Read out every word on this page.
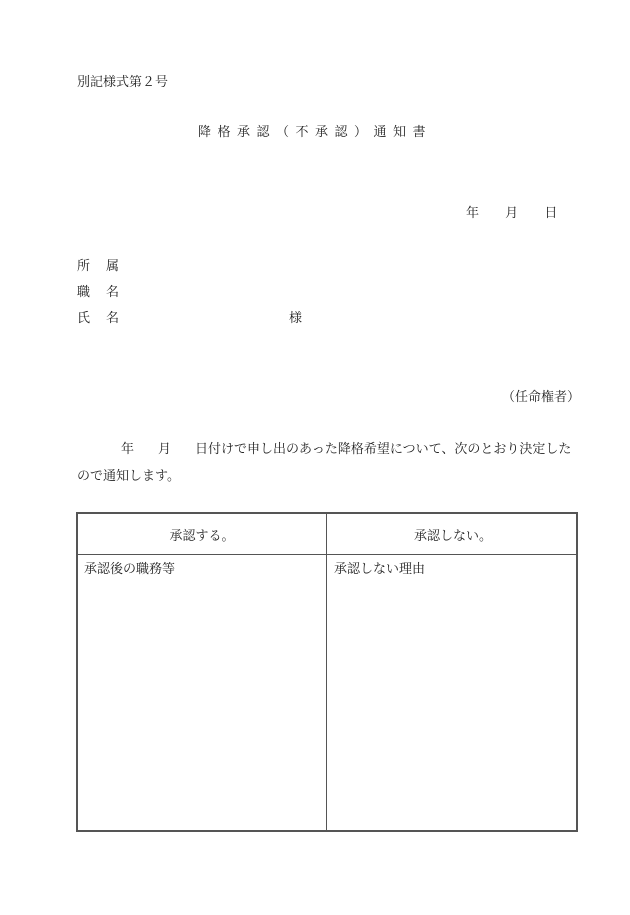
別記様式第２号
降格承認（不承認）通知書
年 月 日
所属
職名
氏名	様
（任命権者）
年 月 日付けで申し出のあった降格希望について、次のとおり決定したので通知します。
承認する。	承認しない。
承認後の職務等	承認しない理由
